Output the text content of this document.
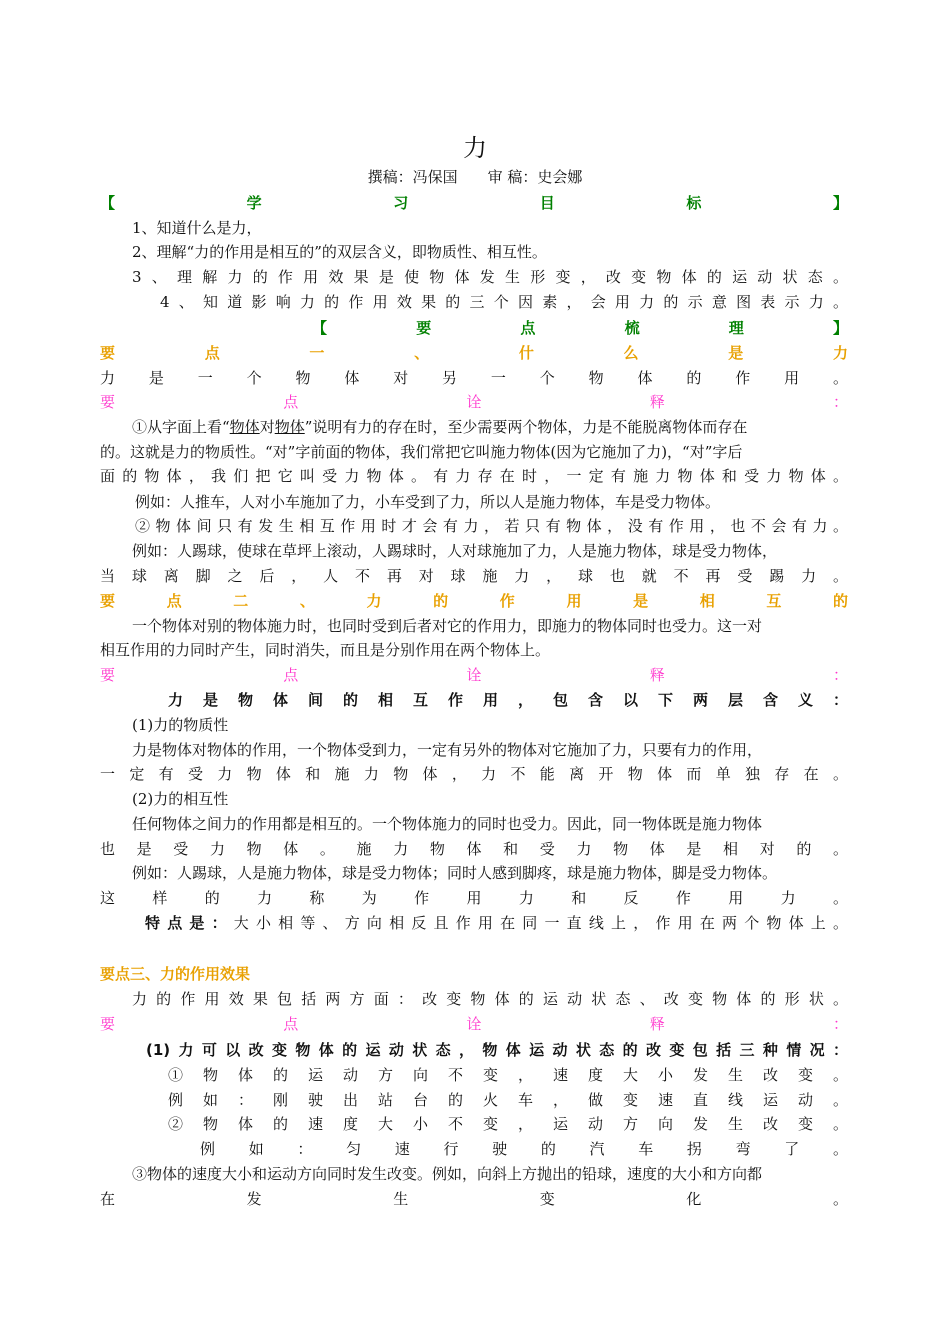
力
撰稿：冯保国　　审 稿：史会娜
【学习目标】
1、知道什么是力，
2、理解“力的作用是相互的”的双层含义，即物质性、相互性。
3、理解力的作用效果是使物体发生形变，改变物体的运动状态。
4、知道影响力的作用效果的三个因素，会用力的示意图表示力。
【要点梳理】
要点一、什么是力
力是一个物体对另一个物体的作用。
要点诠释：
①从字面上看“物体对物体”说明有力的存在时，至少需要两个物体，力是不能脱离物体而存在
的。这就是力的物质性。“对”字前面的物体，我们常把它叫施力物体(因为它施加了力)，“对”字后
面的物体，我们把它叫受力物体。有力存在时，一定有施力物体和受力物体。
例如：人推车，人对小车施加了力，小车受到了力，所以人是施力物体，车是受力物体。
②物体间只有发生相互作用时才会有力，若只有物体，没有作用，也不会有力。
例如：人踢球，使球在草坪上滚动，人踢球时，人对球施加了力，人是施力物体，球是受力物体，
当球离脚之后，人不再对球施力，球也就不再受踢力。
要点二、力的作用是相互的
一个物体对别的物体施力时，也同时受到后者对它的作用力，即施力的物体同时也受力。这一对
相互作用的力同时产生，同时消失，而且是分别作用在两个物体上。
要点诠释：
力是物体间的相互作用，包含以下两层含义：
(1)力的物质性
力是物体对物体的作用，一个物体受到力，一定有另外的物体对它施加了力，只要有力的作用，
一定有受力物体和施力物体，力不能离开物体而单独存在。
(2)力的相互性
任何物体之间力的作用都是相互的。一个物体施力的同时也受力。因此，同一物体既是施力物体
也是受力物体。施力物体和受力物体是相对的。
例如：人踢球，人是施力物体，球是受力物体；同时人感到脚疼，球是施力物体，脚是受力物体。
这样的力称为作用力和反作用力。
特点是：大小相等、方向相反且作用在同一直线上，作用在两个物体上。
要点三、力的作用效果
力的作用效果包括两方面：改变物体的运动状态、改变物体的形状。
要点诠释：
(1)力可以改变物体的运动状态，物体运动状态的改变包括三种情况：
①物体的运动方向不变，速度大小发生改变。
例如：刚驶出站台的火车，做变速直线运动。
②物体的速度大小不变，运动方向发生改变。
例如：匀速行驶的汽车拐弯了。
③物体的速度大小和运动方向同时发生改变。例如，向斜上方抛出的铅球，速度的大小和方向都
在发生变化。
